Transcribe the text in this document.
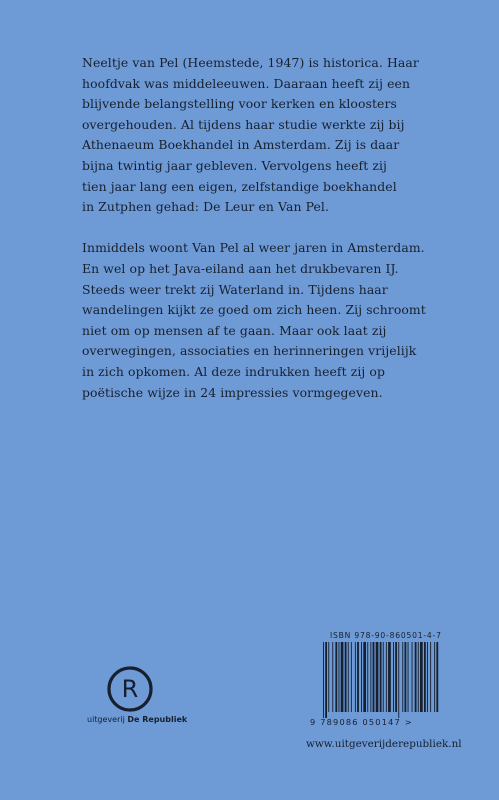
Neeltje van Pel (Heemstede, 1947) is historica. Haar
hoofdvak was middeleeuwen. Daaraan heeft zij een
blijvende belangstelling voor kerken en kloosters
overgehouden. Al tijdens haar studie werkte zij bij
Athenaeum Boekhandel in Amsterdam. Zij is daar
bijna twintig jaar gebleven. Vervolgens heeft zij
tien jaar lang een eigen, zelfstandige boekhandel
in Zutphen gehad: De Leur en Van Pel.

Inmiddels woont Van Pel al weer jaren in Amsterdam.
En wel op het Java-eiland aan het drukbevaren IJ.
Steeds weer trekt zij Waterland in. Tijdens haar
wandelingen kijkt ze goed om zich heen. Zij schroomt
niet om op mensen af te gaan. Maar ook laat zij
overwegingen, associaties en herinneringen vrijelijk
in zich opkomen. Al deze indrukken heeft zij op
poëtische wijze in 24 impressies vormgegeven.

R
uitgeverij De Republiek
ISBN 978-90-860501-4-7
9 789086 050147 >
www.uitgeverijderepubliek.nl
